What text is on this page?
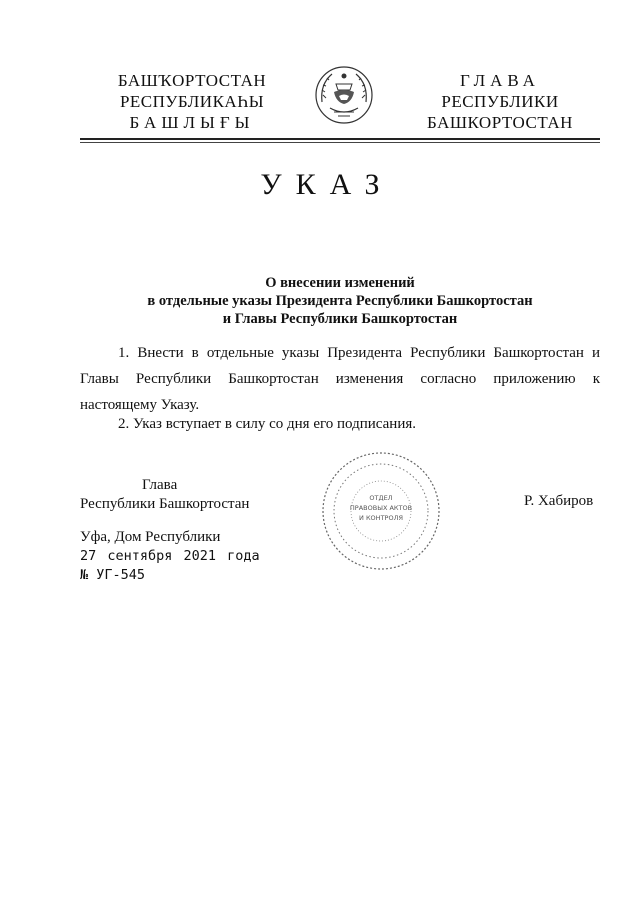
БАШҠОРТОСТАН
РЕСПУБЛИКАҺЫ
БАШЛЫҒЫ
ГЛАВА
РЕСПУБЛИКИ
БАШКОРТОСТАН
УКАЗ
О внесении изменений
в отдельные указы Президента Республики Башкортостан
и Главы Республики Башкортостан
1. Внести в отдельные указы Президента Республики Башкортостан и Главы Республики Башкортостан изменения согласно приложению к настоящему Указу.
2. Указ вступает в силу со дня его подписания.
Глава
Республики Башкортостан	ОТДЕЛ
ПРАВОВЫХ АКТОВ
И КОНТРОЛЯ
Р. Хабиров
Уфа, Дом Республики
27 сентября 2021 года
№ УГ-545
